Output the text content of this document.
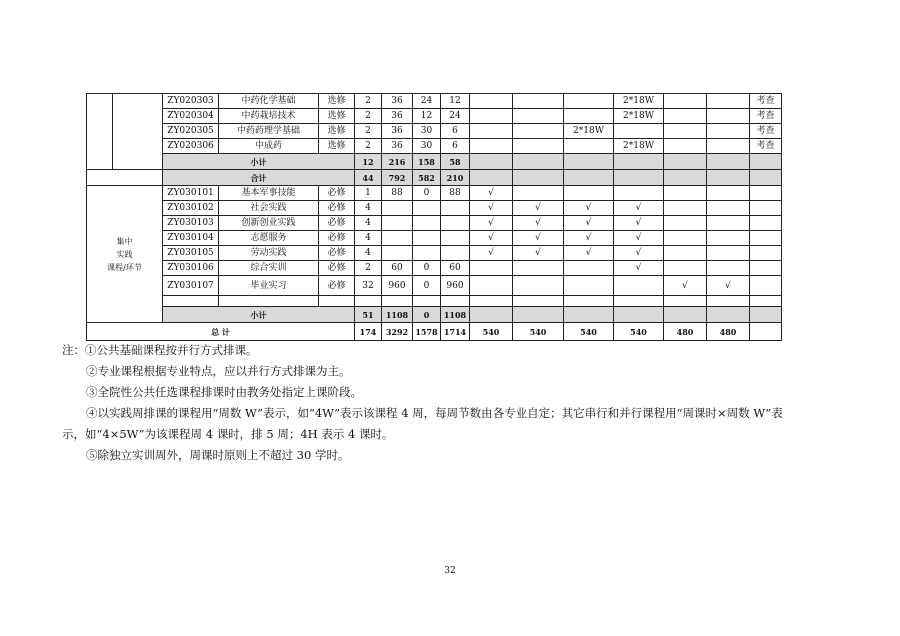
		ZY020303	中药化学基础	选修	2	36	24	12				2*18W			考查
		ZY020304	中药栽培技术	选修	2	36	12	24				2*18W			考查
		ZY020305	中药药理学基础	选修	2	36	30	6			2*18W				考查
		ZY020306	中成药	选修	2	36	30	6				2*18W			考查
		小计			12	216	158	58							
		合计			44	792	582	210							
集中
实践
课程/环节		ZY030101	基本军事技能	必修	1	88	0	88	√						
		ZY030102	社会实践	必修	4				√	√	√	√			
		ZY030103	创新创业实践	必修	4				√	√	√	√			
		ZY030104	志愿服务	必修	4				√	√	√	√			
		ZY030105	劳动实践	必修	4				√	√	√	√			
		ZY030106	综合实训	必修	2	60	0	60				√			
		ZY030107	毕业实习	必修	32	960	0	960					√	√	

		小计			51	1108	0	1108							
总 计					174	3292	1578	1714	540	540	540	540	480	480	

注：①公共基础课程按并行方式排课。

②专业课程根据专业特点，应以并行方式排课为主。

③全院性公共任选课程排课时由教务处指定上课阶段。

④以实践周排课的课程用“周数 W”表示，如“4W”表示该课程 4 周，每周节数由各专业自定；其它串行和并行课程用“周课时×周数 W”表

示，如“4×5W”为该课程周 4 课时，排 5 周；4H 表示 4 课时。

⑤除独立实训周外，周课时原则上不超过 30 学时。

32
